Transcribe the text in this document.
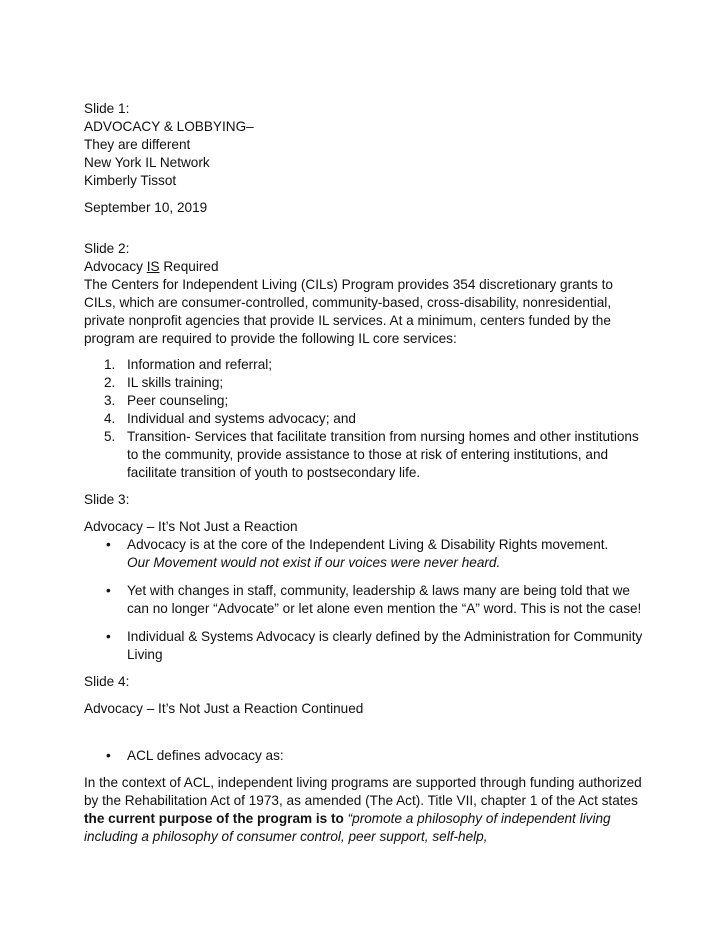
Slide 1:
ADVOCACY & LOBBYING–
They are different
New York IL Network
Kimberly Tissot
September 10, 2019
Slide 2:
Advocacy IS Required

The Centers for Independent Living (CILs) Program provides 354 discretionary grants to CILs, which are consumer-controlled, community-based, cross-disability, nonresidential, private nonprofit agencies that provide IL services. At a minimum, centers funded by the program are required to provide the following IL core services:

1. Information and referral;
2. IL skills training;
3. Peer counseling;
4. Individual and systems advocacy; and
5. Transition- Services that facilitate transition from nursing homes and other institutions to the community, provide assistance to those at risk of entering institutions, and facilitate transition of youth to postsecondary life.
Slide 3:
Advocacy – It’s Not Just a Reaction
• Advocacy is at the core of the Independent Living & Disability Rights movement.
Our Movement would not exist if our voices were never heard.
• Yet with changes in staff, community, leadership & laws many are being told that we can no longer “Advocate” or let alone even mention the “A” word. This is not the case!
• Individual & Systems Advocacy is clearly defined by the Administration for Community Living
Slide 4:
Advocacy – It’s Not Just a Reaction Continued
• ACL defines advocacy as:

In the context of ACL, independent living programs are supported through funding authorized by the Rehabilitation Act of 1973, as amended (The Act). Title VII, chapter 1 of the Act states the current purpose of the program is to “promote a philosophy of independent living including a philosophy of consumer control, peer support, self-help,
